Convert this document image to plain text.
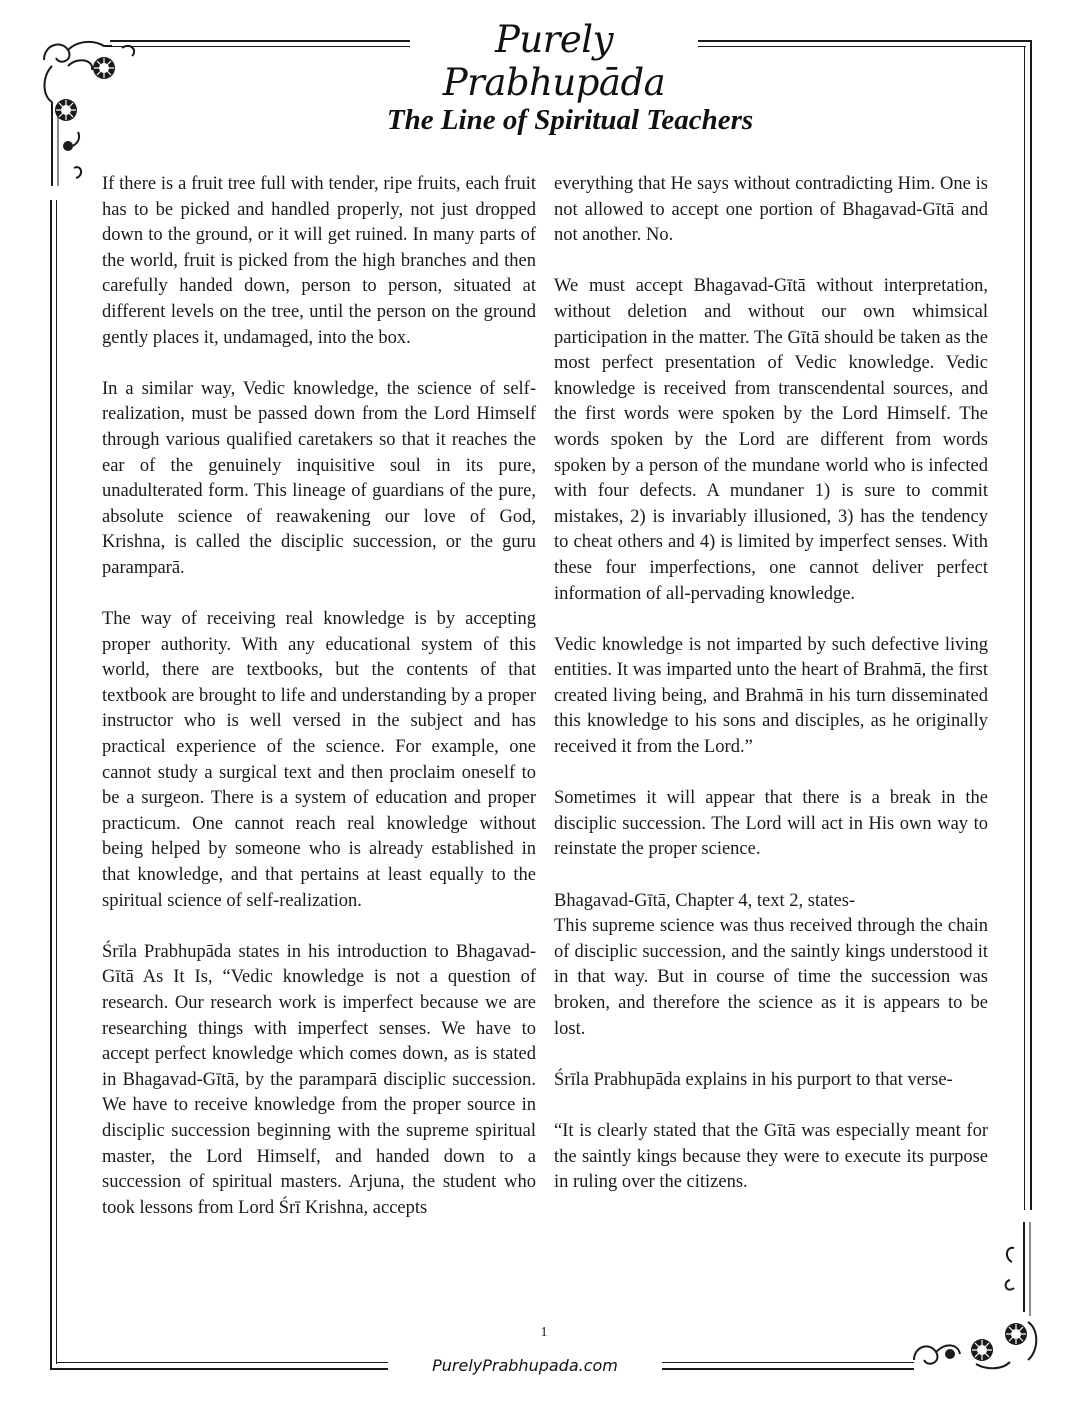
Purely Prabhupāda
The Line of Spiritual Teachers

If there is a fruit tree full with tender, ripe fruits, each fruit has to be picked and handled properly, not just dropped down to the ground, or it will get ruined. In many parts of the world, fruit is picked from the high branches and then carefully handed down, person to person, situated at different levels on the tree, until the person on the ground gently places it, undamaged, into the box.

In a similar way, Vedic knowledge, the science of self-realization, must be passed down from the Lord Himself through various qualified caretakers so that it reaches the ear of the genuinely inquisitive soul in its pure, unadulterated form. This lineage of guardians of the pure, absolute science of reawakening our love of God, Krishna, is called the disciplic succession, or the guru paramparā.

The way of receiving real knowledge is by accepting proper authority. With any educational system of this world, there are textbooks, but the contents of that textbook are brought to life and understanding by a proper instructor who is well versed in the subject and has practical experience of the science. For example, one cannot study a surgical text and then proclaim oneself to be a surgeon. There is a system of education and proper practicum. One cannot reach real knowledge without being helped by someone who is already established in that knowledge, and that pertains at least equally to the spiritual science of self-realization.

Śrīla Prabhupāda states in his introduction to Bhagavad-Gītā As It Is, “Vedic knowledge is not a question of research. Our research work is imperfect because we are researching things with imperfect senses. We have to accept perfect knowledge which comes down, as is stated in Bhagavad-Gītā, by the paramparā disciplic succession. We have to receive knowledge from the proper source in disciplic succession beginning with the supreme spiritual master, the Lord Himself, and handed down to a succession of spiritual masters. Arjuna, the student who took lessons from Lord Śrī Krishna, accepts

everything that He says without contradicting Him. One is not allowed to accept one portion of Bhagavad-Gītā and not another. No.

We must accept Bhagavad-Gītā without interpretation, without deletion and without our own whimsical participation in the matter. The Gītā should be taken as the most perfect presentation of Vedic knowledge. Vedic knowledge is received from transcendental sources, and the first words were spoken by the Lord Himself. The words spoken by the Lord are different from words spoken by a person of the mundane world who is infected with four defects. A mundaner 1) is sure to commit mistakes, 2) is invariably illusioned, 3) has the tendency to cheat others and 4) is limited by imperfect senses. With these four imperfections, one cannot deliver perfect information of all-pervading knowledge.

Vedic knowledge is not imparted by such defective living entities. It was imparted unto the heart of Brahmā, the first created living being, and Brahmā in his turn disseminated this knowledge to his sons and disciples, as he originally received it from the Lord.”

Sometimes it will appear that there is a break in the disciplic succession. The Lord will act in His own way to reinstate the proper science.

Bhagavad-Gītā, Chapter 4, text 2, states-

This supreme science was thus received through the chain of disciplic succession, and the saintly kings understood it in that way. But in course of time the succession was broken, and therefore the science as it is appears to be lost.

Śrīla Prabhupāda explains in his purport to that verse-

“It is clearly stated that the Gītā was especially meant for the saintly kings because they were to execute its purpose in ruling over the citizens.

1
PurelyPrabhupada.com
